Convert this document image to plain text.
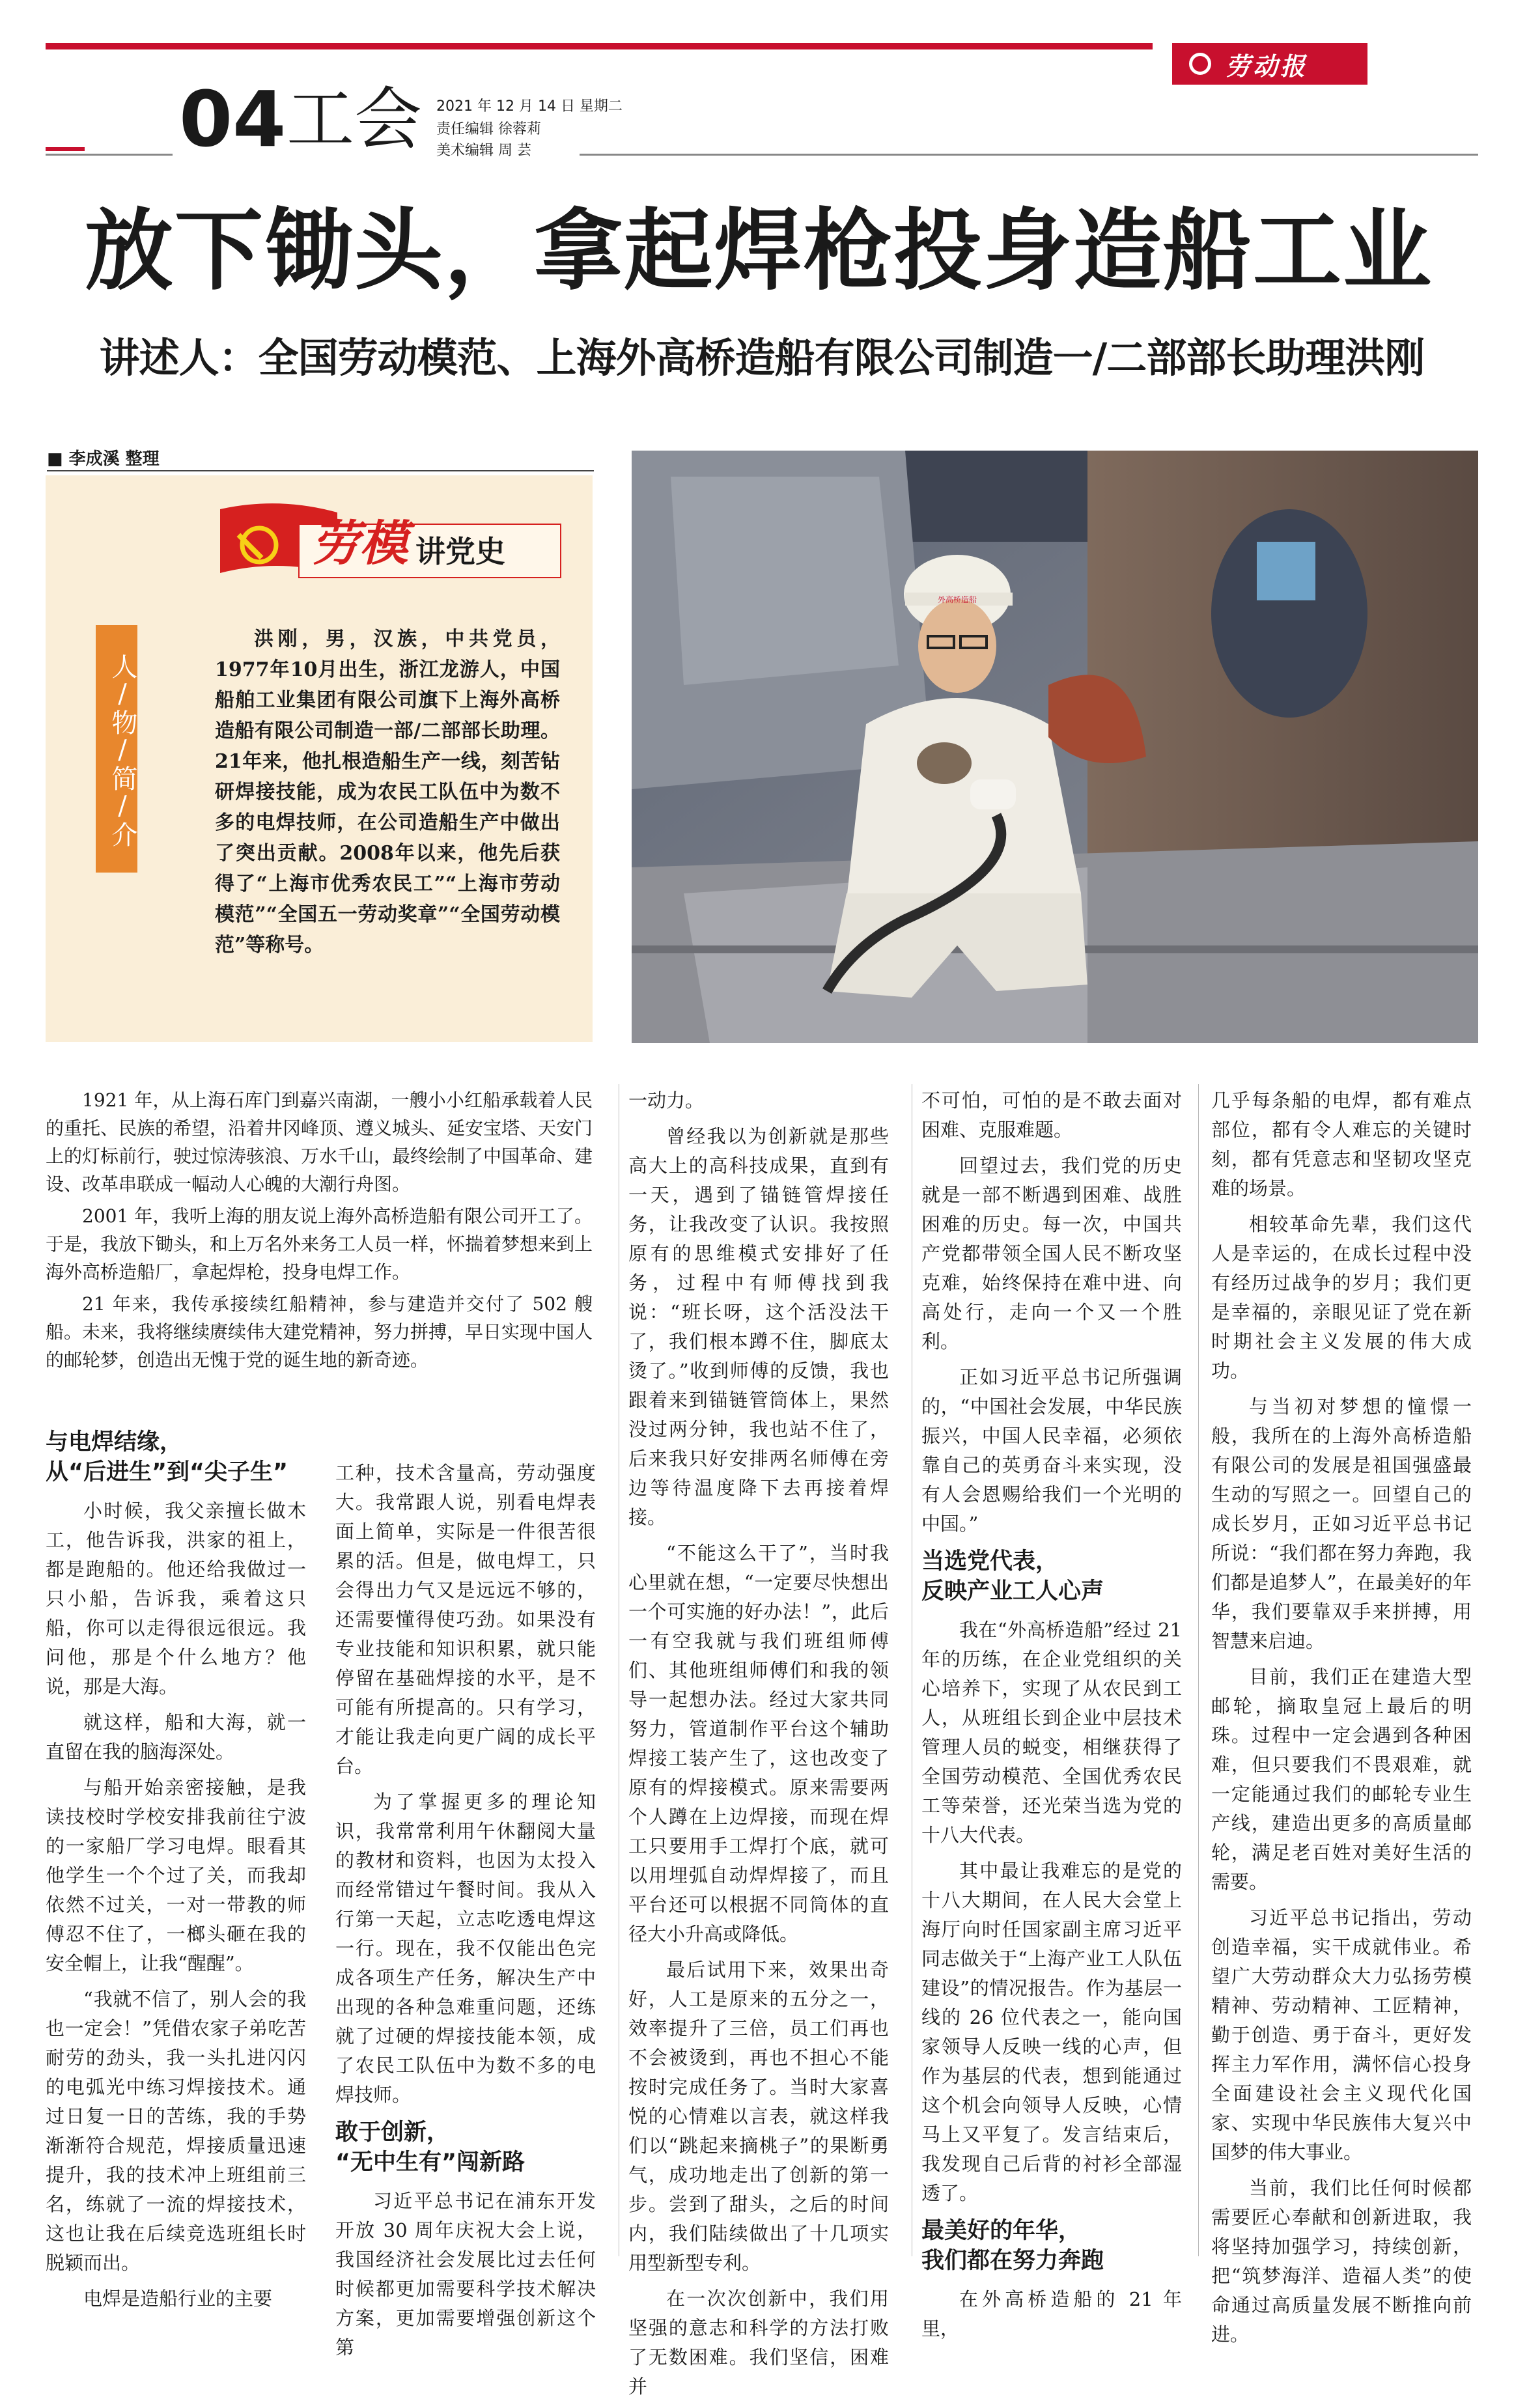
劳动报
04 工会 2021 年 12 月 14 日 星期二
责任编辑 徐蓉莉
美术编辑 周 芸
放下锄头，拿起焊枪投身造船工业
讲述人：全国劳动模范、上海外高桥造船有限公司制造一/二部部长助理洪刚
■ 李成溪 整理
劳模 讲党史
人/物/简/介
洪刚，男，汉族，中共党员，1977年10月出生，浙江龙游人，中国船舶工业集团有限公司旗下上海外高桥造船有限公司制造一部/二部部长助理。21年来，他扎根造船生产一线，刻苦钻研焊接技能，成为农民工队伍中为数不多的电焊技师，在公司造船生产中做出了突出贡献。2008年以来，他先后获得了“上海市优秀农民工”“上海市劳动模范”“全国五一劳动奖章”“全国劳动模范”等称号。
外高桥造船

1921 年，从上海石库门到嘉兴南湖，一艘小小红船承载着人民的重托、民族的希望，沿着井冈峰顶、遵义城头、延安宝塔、天安门上的灯标前行，驶过惊涛骇浪、万水千山，最终绘制了中国革命、建设、改革串联成一幅动人心魄的大潮行舟图。

2001 年，我听上海的朋友说上海外高桥造船有限公司开工了。于是，我放下锄头，和上万名外来务工人员一样，怀揣着梦想来到上海外高桥造船厂，拿起焊枪，投身电焊工作。

21 年来，我传承接续红船精神，参与建造并交付了 502 艘船。未来，我将继续赓续伟大建党精神，努力拼搏，早日实现中国人的邮轮梦，创造出无愧于党的诞生地的新奇迹。

与电焊结缘，
从“后进生”到“尖子生”

小时候，我父亲擅长做木工，他告诉我，洪家的祖上，都是跑船的。他还给我做过一只小船，告诉我，乘着这只船，你可以走得很远很远。我问他，那是个什么地方？他说，那是大海。

就这样，船和大海，就一直留在我的脑海深处。

与船开始亲密接触，是我读技校时学校安排我前往宁波的一家船厂学习电焊。眼看其他学生一个个过了关，而我却依然不过关，一对一带教的师傅忍不住了，一榔头砸在我的安全帽上，让我“醒醒”。

“我就不信了，别人会的我也一定会！”凭借农家子弟吃苦耐劳的劲头，我一头扎进闪闪的电弧光中练习焊接技术。通过日复一日的苦练，我的手势渐渐符合规范，焊接质量迅速提升，我的技术冲上班组前三名，练就了一流的焊接技术，这也让我在后续竞选班组长时脱颖而出。

电焊是造船行业的主要

工种，技术含量高，劳动强度大。我常跟人说，别看电焊表面上简单，实际是一件很苦很累的活。但是，做电焊工，只会得出力气又是远远不够的，还需要懂得使巧劲。如果没有专业技能和知识积累，就只能停留在基础焊接的水平，是不可能有所提高的。只有学习，才能让我走向更广阔的成长平台。

为了掌握更多的理论知识，我常常利用午休翻阅大量的教材和资料，也因为太投入而经常错过午餐时间。我从入行第一天起，立志吃透电焊这一行。现在，我不仅能出色完成各项生产任务，解决生产中出现的各种急难重问题，还练就了过硬的焊接技能本领，成了农民工队伍中为数不多的电焊技师。

敢于创新，
“无中生有”闯新路

习近平总书记在浦东开发开放 30 周年庆祝大会上说，我国经济社会发展比过去任何时候都更加需要科学技术解决方案，更加需要增强创新这个第

一动力。

曾经我以为创新就是那些高大上的高科技成果，直到有一天，遇到了锚链管焊接任务，让我改变了认识。我按照原有的思维模式安排好了任务，过程中有师傅找到我说：“班长呀，这个活没法干了，我们根本蹲不住，脚底太烫了。”收到师傅的反馈，我也跟着来到锚链管筒体上，果然没过两分钟，我也站不住了，后来我只好安排两名师傅在旁边等待温度降下去再接着焊接。

“不能这么干了”，当时我心里就在想，“一定要尽快想出一个可实施的好办法！”，此后一有空我就与我们班组师傅们、其他班组师傅们和我的领导一起想办法。经过大家共同努力，管道制作平台这个辅助焊接工装产生了，这也改变了原有的焊接模式。原来需要两个人蹲在上边焊接，而现在焊工只要用手工焊打个底，就可以用埋弧自动焊焊接了，而且平台还可以根据不同筒体的直径大小升高或降低。

最后试用下来，效果出奇好，人工是原来的五分之一，效率提升了三倍，员工们再也不会被烫到，再也不担心不能按时完成任务了。当时大家喜悦的心情难以言表，就这样我们以“跳起来摘桃子”的果断勇气，成功地走出了创新的第一步。尝到了甜头，之后的时间内，我们陆续做出了十几项实用型新型专利。

在一次次创新中，我们用坚强的意志和科学的方法打败了无数困难。我们坚信，困难并

不可怕，可怕的是不敢去面对困难、克服难题。

回望过去，我们党的历史就是一部不断遇到困难、战胜困难的历史。每一次，中国共产党都带领全国人民不断攻坚克难，始终保持在难中进、向高处行，走向一个又一个胜利。

正如习近平总书记所强调的，“中国社会发展，中华民族振兴，中国人民幸福，必须依靠自己的英勇奋斗来实现，没有人会恩赐给我们一个光明的中国。”

当选党代表，
反映产业工人心声

我在“外高桥造船”经过 21 年的历练，在企业党组织的关心培养下，实现了从农民到工人，从班组长到企业中层技术管理人员的蜕变，相继获得了全国劳动模范、全国优秀农民工等荣誉，还光荣当选为党的十八大代表。

其中最让我难忘的是党的十八大期间，在人民大会堂上海厅向时任国家副主席习近平同志做关于“上海产业工人队伍建设”的情况报告。作为基层一线的 26 位代表之一，能向国家领导人反映一线的心声，但作为基层的代表，想到能通过这个机会向领导人反映，心情马上又平复了。发言结束后，我发现自己后背的衬衫全部湿透了。

最美好的年华，
我们都在努力奔跑

在外高桥造船的 21 年里，

几乎每条船的电焊，都有难点部位，都有令人难忘的关键时刻，都有凭意志和坚韧攻坚克难的场景。

相较革命先辈，我们这代人是幸运的，在成长过程中没有经历过战争的岁月；我们更是幸福的，亲眼见证了党在新时期社会主义发展的伟大成功。

与当初对梦想的憧憬一般，我所在的上海外高桥造船有限公司的发展是祖国强盛最生动的写照之一。回望自己的成长岁月，正如习近平总书记所说：“我们都在努力奔跑，我们都是追梦人”，在最美好的年华，我们要靠双手来拼搏，用智慧来启迪。

目前，我们正在建造大型邮轮，摘取皇冠上最后的明珠。过程中一定会遇到各种困难，但只要我们不畏艰难，就一定能通过我们的邮轮专业生产线，建造出更多的高质量邮轮，满足老百姓对美好生活的需要。

习近平总书记指出，劳动创造幸福，实干成就伟业。希望广大劳动群众大力弘扬劳模精神、劳动精神、工匠精神，勤于创造、勇于奋斗，更好发挥主力军作用，满怀信心投身全面建设社会主义现代化国家、实现中华民族伟大复兴中国梦的伟大事业。

当前，我们比任何时候都需要匠心奉献和创新进取，我将坚持加强学习，持续创新，把“筑梦海洋、造福人类”的使命通过高质量发展不断推向前进。
